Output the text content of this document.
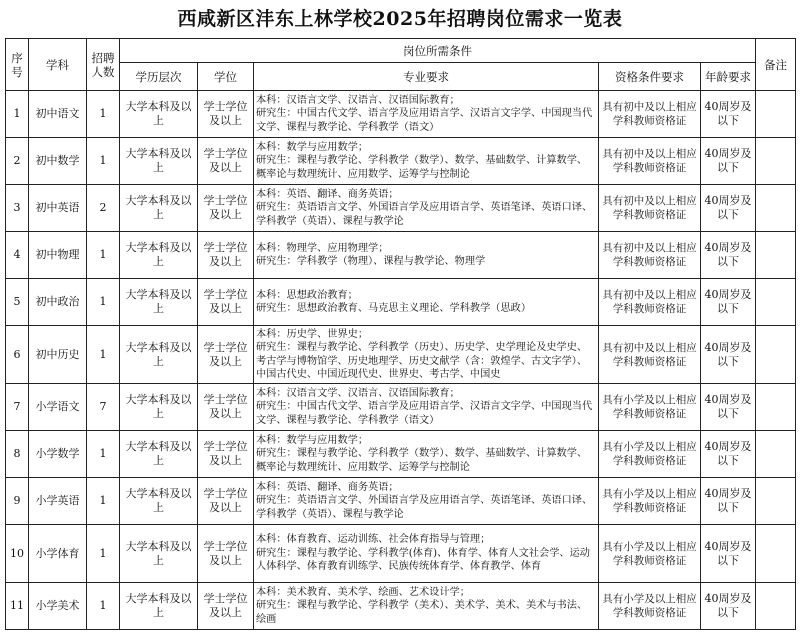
西咸新区沣东上林学校2025年招聘岗位需求一览表
序号	学科	招聘人数	岗位所需条件					备注
			学历层次	学位	专业要求	资格条件要求	年龄要求	
1	初中语文	1	大学本科及以上	学士学位及以上	本科：汉语言文学、汉语言、汉语国际教育；
研究生：中国古代文学、语言学及应用语言学、汉语言文字学、中国现当代文学、课程与教学论、学科教学（语文）	具有初中及以上相应学科教师资格证	40周岁及以下	
2	初中数学	1	大学本科及以上	学士学位及以上	本科：数学与应用数学；
研究生：课程与教学论、学科教学（数学）、数学、基础数学、计算数学、概率论与数理统计、应用数学、运筹学与控制论	具有初中及以上相应学科教师资格证	40周岁及以下	
3	初中英语	2	大学本科及以上	学士学位及以上	本科：英语、翻译、商务英语；
研究生：英语语言文学、外国语言学及应用语言学、英语笔译、英语口译、学科教学（英语）、课程与教学论	具有初中及以上相应学科教师资格证	40周岁及以下	
4	初中物理	1	大学本科及以上	学士学位及以上	本科：物理学、应用物理学；
研究生：学科教学（物理）、课程与教学论、物理学	具有初中及以上相应学科教师资格证	40周岁及以下	
5	初中政治	1	大学本科及以上	学士学位及以上	本科：思想政治教育；
研究生：思想政治教育、马克思主义理论、学科教学（思政）	具有初中及以上相应学科教师资格证	40周岁及以下	
6	初中历史	1	大学本科及以上	学士学位及以上	本科：历史学、世界史；
研究生：课程与教学论、学科教学（历史）、历史学、史学理论及史学史、考古学与博物馆学、历史地理学、历史文献学（含：敦煌学、古文字学）、中国古代史、中国近现代史、世界史、考古学、中国史	具有初中及以上相应学科教师资格证	40周岁及以下	
7	小学语文	7	大学本科及以上	学士学位及以上	本科：汉语言文学、汉语言、汉语国际教育；
研究生：中国古代文学、语言学及应用语言学、汉语言文字学、中国现当代文学、课程与教学论、学科教学（语文）	具有小学及以上相应学科教师资格证	40周岁及以下	
8	小学数学	1	大学本科及以上	学士学位及以上	本科：数学与应用数学；
研究生：课程与教学论、学科教学（数学）、数学、基础数学、计算数学、概率论与数理统计、应用数学、运筹学与控制论	具有小学及以上相应学科教师资格证	40周岁及以下	
9	小学英语	1	大学本科及以上	学士学位及以上	本科：英语、翻译、商务英语；
研究生：英语语言文学、外国语言学及应用语言学、英语笔译、英语口译、学科教学（英语）、课程与教学论	具有小学及以上相应学科教师资格证	40周岁及以下	
10	小学体育	1	大学本科及以上	学士学位及以上	本科：体育教育、运动训练、社会体育指导与管理；
研究生：课程与教学论、学科教学(体育)、体育学、体育人文社会学、运动人体科学、体育教育训练学、民族传统体育学、体育教学、体育	具有小学及以上相应学科教师资格证	40周岁及以下	
11	小学美术	1	大学本科及以上	学士学位及以上	本科：美术教育、美术学、绘画、艺术设计学；
研究生：课程与教学论、学科教学（美术）、美术学、美术、美术与书法、绘画	具有小学及以上相应学科教师资格证	40周岁及以下	
